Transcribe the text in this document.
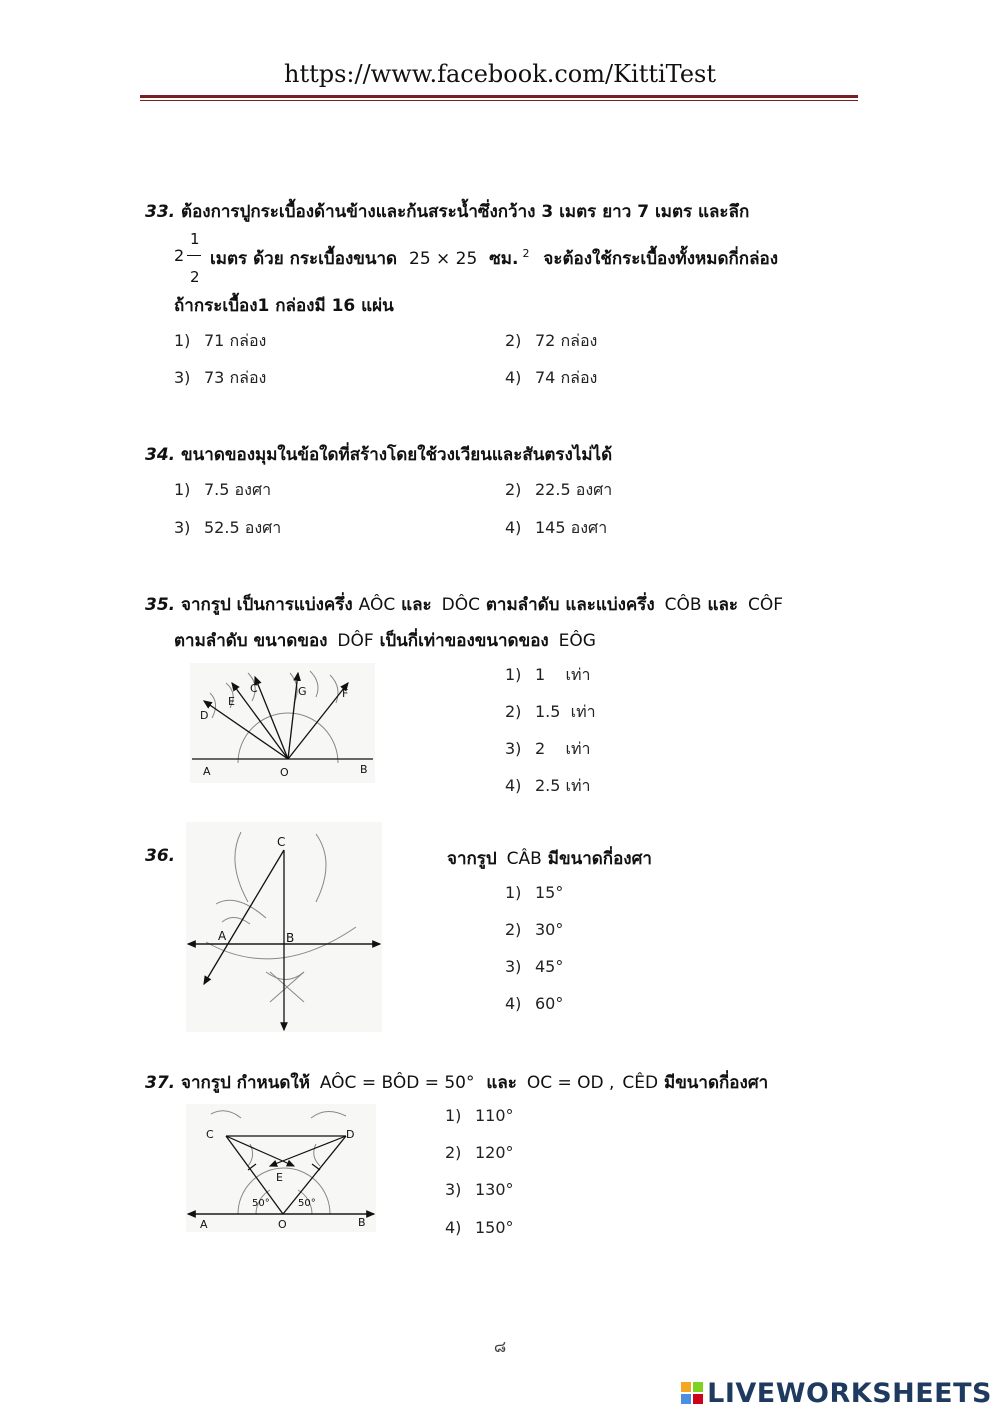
https://www.facebook.com/KittiTest
33. ต้องการปูกระเบื้องด้านข้างและก้นสระน้ำซึ่งกว้าง 3 เมตร ยาว 7 เมตร และลึก
2
1
2
เมตร ด้วย กระเบื้องขนาด 25 × 25 ซม. $^2$ จะต้องใช้กระเบื้องทั้งหมดกี่กล่อง
ถ้ากระเบื้อง1 กล่องมี 16 แผ่น
1) 71 กล่อง	2) 72 กล่อง
3) 73 กล่อง	4) 74 กล่อง
34. ขนาดของมุมในข้อใดที่สร้างโดยใช้วงเวียนและสันตรงไม่ได้
1) 7.5 องศา	2) 22.5 องศา
3) 52.5 องศา	4) 145 องศา
35. จากรูป เป็นการแบ่งครึ่ง AÔC และ DÔC ตามลำดับ และแบ่งครึ่ง CÔB และ CÔF
ตามลำดับ ขนาดของ DÔF เป็นกี่เท่าของขนาดของ EÔG
A	O	B
C
D
E
F
G
1) 1    เท่า
2) 1.5  เท่า
3) 2    เท่า
4) 2.5 เท่า
36.
C
A	B
จากรูป CÂB มีขนาดกี่องศา
1) 15°
2) 30°
3) 45°
4) 60°
37. จากรูป กำหนดให้ AÔC = BÔD = 50° และ OC = OD , CÊD มีขนาดกี่องศา
C	D
E
A	O	B
50°	50°
1) 110°
2) 120°
3) 130°
4) 150°
๘
LIVEWORKSHEETS
